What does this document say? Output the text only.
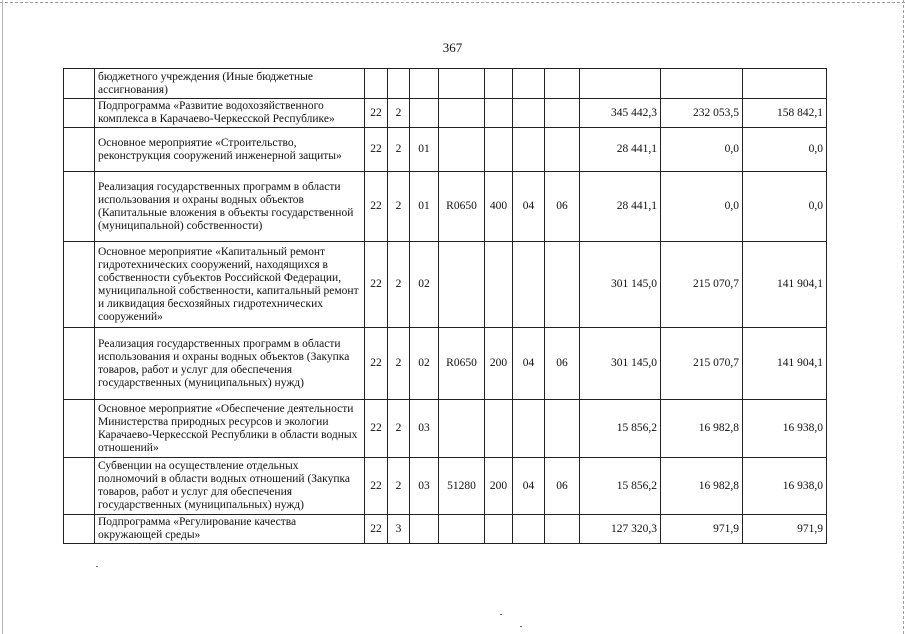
367
	бюджетного учреждения (Иные бюджетные ассигнования)										
	Подпрограмма «Развитие водохозяйственного комплекса в Карачаево-Черкесской Республике»	22	2						345 442,3	232 053,5	158 842,1
	Основное мероприятие «Строительство, реконструкция сооружений инженерной защиты»	22	2	01					28 441,1	0,0	0,0
	Реализация государственных программ в области использования и охраны водных объектов (Капитальные вложения в объекты государственной (муниципальной) собственности)	22	2	01	R0650	400	04	06	28 441,1	0,0	0,0
	Основное мероприятие «Капитальный ремонт гидротехнических сооружений, находящихся в собственности субъектов Российской Федерации, муниципальной собственности, капитальный ремонт и ликвидация бесхозяйных гидротехнических сооружений»	22	2	02					301 145,0	215 070,7	141 904,1
	Реализация государственных программ в области использования и охраны водных объектов (Закупка товаров, работ и услуг для обеспечения государственных (муниципальных) нужд)	22	2	02	R0650	200	04	06	301 145,0	215 070,7	141 904,1
	Основное мероприятие «Обеспечение деятельности Министерства природных ресурсов и экологии Карачаево-Черкесской Республики в области водных отношений»	22	2	03					15 856,2	16 982,8	16 938,0
	Субвенции на осуществление отдельных полномочий в области водных отношений (Закупка товаров, работ и услуг для обеспечения государственных (муниципальных) нужд)	22	2	03	51280	200	04	06	15 856,2	16 982,8	16 938,0
	Подпрограмма «Регулирование качества окружающей среды»	22	3						127 320,3	971,9	971,9
